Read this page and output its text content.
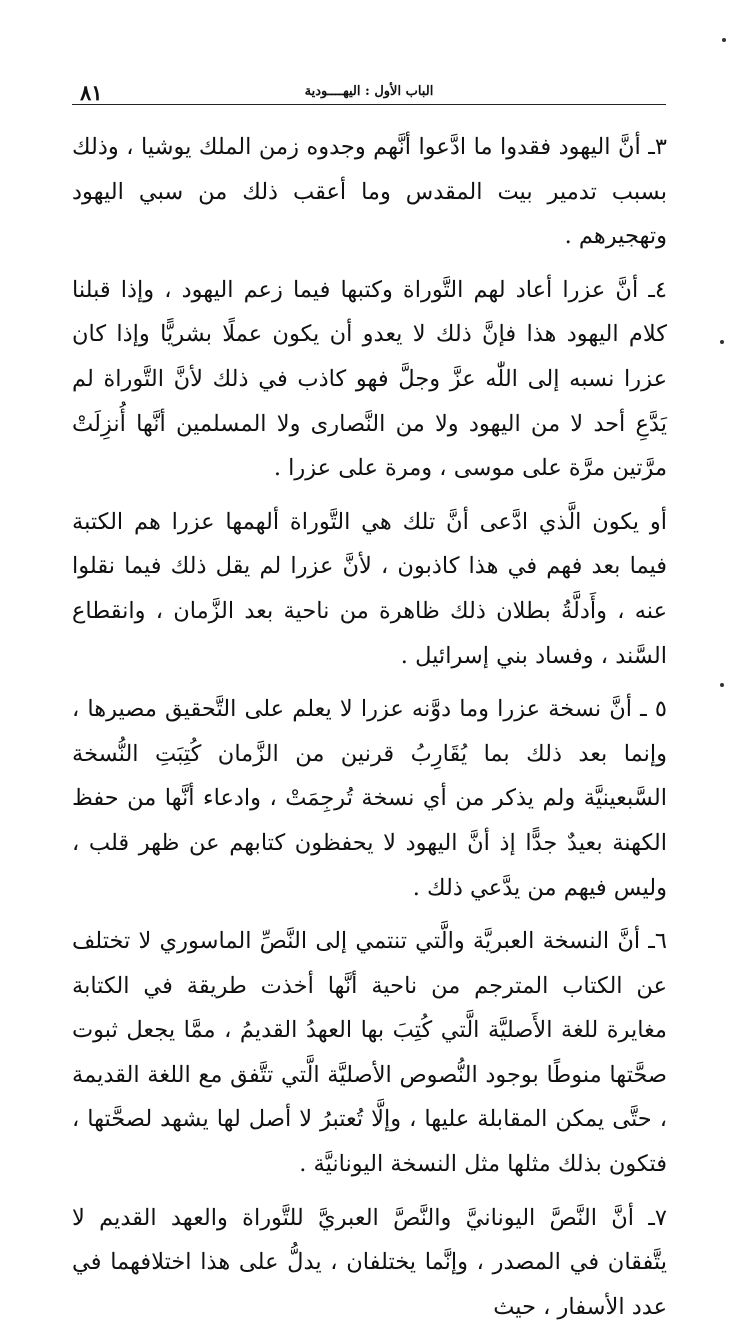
٨١	الباب الأول : اليهــــودية

٣ـ أنَّ اليهود فقدوا ما ادَّعوا أنَّهم وجدوه زمن الملك يوشيا ، وذلك بسبب تدمير بيت المقدس وما أعقب ذلك من سبي اليهود وتهجيرهم .

٤ـ أنَّ عزرا أعاد لهم التَّوراة وكتبها فيما زعم اليهود ، وإذا قبلنا كلام اليهود هذا فإنَّ ذلك لا يعدو أن يكون عملًا بشريًّا وإذا كان عزرا نسبه إلى اللّٰه عزَّ وجلَّ فهو كاذب في ذلك لأنَّ التَّوراة لم يَدَّعِ أحد لا من اليهود ولا من النَّصارى ولا المسلمين أنَّها أُنزِلَتْ مرَّتين مرَّة على موسى ، ومرة على عزرا .

أو يكون الَّذي ادَّعى أنَّ تلك هي التَّوراة ألهمها عزرا هم الكتبة فيما بعد فهم في هذا كاذبون ، لأنَّ عزرا لم يقل ذلك فيما نقلوا عنه ، وأَدلَّةُ بطلان ذلك ظاهرة من ناحية بعد الزَّمان ، وانقطاع السَّند ، وفساد بني إسرائيل .

٥ ـ أنَّ نسخة عزرا وما دوَّنه عزرا لا يعلم على التَّحقيق مصيرها ، وإنما بعد ذلك بما يُقَارِبُ قرنين من الزَّمان كُتِبَتِ النُّسخة السَّبعينيَّة ولم يذكر من أي نسخة تُرجِمَتْ ، وادعاء أنَّها من حفظ الكهنة بعيدٌ جدًّا إذ أنَّ اليهود لا يحفظون كتابهم عن ظهر قلب ، وليس فيهم من يدَّعي ذلك .

٦ـ أنَّ النسخة العبريَّة والَّتي تنتمي إلى النَّصِّ الماسوري لا تختلف عن الكتاب المترجم من ناحية أنَّها أخذت طريقة في الكتابة مغايرة للغة الأَصليَّة الَّتي كُتِبَ بها العهدُ القديمُ ، ممَّا يجعل ثبوت صحَّتها منوطًا بوجود النُّصوص الأصليَّة الَّتي تتَّفق مع اللغة القديمة ، حتَّى يمكن المقابلة عليها ، وإلَّا تُعتبرُ لا أصل لها يشهد لصحَّتها ، فتكون بذلك مثلها مثل النسخة اليونانيَّة .

٧ـ أنَّ النَّصَّ اليونانيَّ والنَّصَّ العبريَّ للتَّوراة والعهد القديم لا يتَّفقان في المصدر ، وإنَّما يختلفان ، يدلُّ على هذا اختلافهما في عدد الأسفار ، حيث
